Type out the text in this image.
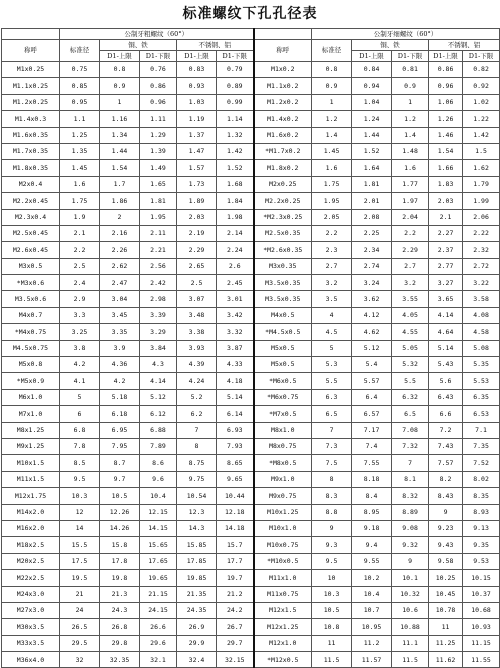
标准螺纹下孔孔径表
	公制牙粗螺纹（60°）						公制牙细螺纹（60°）				
称呼	标准径	铜、铁		不锈钢、铝		称呼	标准径	铜、铁		不锈钢、铝	
		D1-上限	D1-下限	D1-上限	D1-下限			D1-上限	D1-下限	D1-上限	D1-下限
M1x0.25	0.75	0.8	0.76	0.83	0.79	M1x0.2	0.8	0.84	0.81	0.86	0.82
M1.1x0.25	0.85	0.9	0.86	0.93	0.89	M1.1x0.2	0.9	0.94	0.9	0.96	0.92
M1.2x0.25	0.95	1	0.96	1.03	0.99	M1.2x0.2	1	1.04	1	1.06	1.02
M1.4x0.3	1.1	1.16	1.11	1.19	1.14	M1.4x0.2	1.2	1.24	1.2	1.26	1.22
M1.6x0.35	1.25	1.34	1.29	1.37	1.32	M1.6x0.2	1.4	1.44	1.4	1.46	1.42
M1.7x0.35	1.35	1.44	1.39	1.47	1.42	*M1.7x0.2	1.45	1.52	1.48	1.54	1.5
M1.8x0.35	1.45	1.54	1.49	1.57	1.52	M1.8x0.2	1.6	1.64	1.6	1.66	1.62
M2x0.4	1.6	1.7	1.65	1.73	1.68	M2x0.25	1.75	1.81	1.77	1.83	1.79
M2.2x0.45	1.75	1.86	1.81	1.89	1.84	M2.2x0.25	1.95	2.01	1.97	2.03	1.99
M2.3x0.4	1.9	2	1.95	2.03	1.98	*M2.3x0.25	2.05	2.08	2.04	2.1	2.06
M2.5x0.45	2.1	2.16	2.11	2.19	2.14	M2.5x0.35	2.2	2.25	2.2	2.27	2.22
M2.6x0.45	2.2	2.26	2.21	2.29	2.24	*M2.6x0.35	2.3	2.34	2.29	2.37	2.32
M3x0.5	2.5	2.62	2.56	2.65	2.6	M3x0.35	2.7	2.74	2.7	2.77	2.72
*M3x0.6	2.4	2.47	2.42	2.5	2.45	M3.5x0.35	3.2	3.24	3.2	3.27	3.22
M3.5x0.6	2.9	3.04	2.98	3.07	3.01	M3.5x0.35	3.5	3.62	3.55	3.65	3.58
M4x0.7	3.3	3.45	3.39	3.48	3.42	M4x0.5	4	4.12	4.05	4.14	4.08
*M4x0.75	3.25	3.35	3.29	3.38	3.32	*M4.5x0.5	4.5	4.62	4.55	4.64	4.58
M4.5x0.75	3.8	3.9	3.84	3.93	3.87	M5x0.5	5	5.12	5.05	5.14	5.08
M5x0.8	4.2	4.36	4.3	4.39	4.33	M5x0.5	5.3	5.4	5.32	5.43	5.35
*M5x0.9	4.1	4.2	4.14	4.24	4.18	*M6x0.5	5.5	5.57	5.5	5.6	5.53
M6x1.0	5	5.18	5.12	5.2	5.14	*M6x0.75	6.3	6.4	6.32	6.43	6.35
M7x1.0	6	6.18	6.12	6.2	6.14	*M7x0.5	6.5	6.57	6.5	6.6	6.53
M8x1.25	6.8	6.95	6.88	7	6.93	M8x1.0	7	7.17	7.08	7.2	7.1
M9x1.25	7.8	7.95	7.89	8	7.93	M8x0.75	7.3	7.4	7.32	7.43	7.35
M10x1.5	8.5	8.7	8.6	8.75	8.65	*M8x0.5	7.5	7.55	7	7.57	7.52
M11x1.5	9.5	9.7	9.6	9.75	9.65	M9x1.0	8	8.18	8.1	8.2	8.02
M12x1.75	10.3	10.5	10.4	10.54	10.44	M9x0.75	8.3	8.4	8.32	8.43	8.35
M14x2.0	12	12.26	12.15	12.3	12.18	M10x1.25	8.8	8.95	8.89	9	8.93
M16x2.0	14	14.26	14.15	14.3	14.18	M10x1.0	9	9.18	9.08	9.23	9.13
M18x2.5	15.5	15.8	15.65	15.85	15.7	M10x0.75	9.3	9.4	9.32	9.43	9.35
M20x2.5	17.5	17.8	17.65	17.85	17.7	*M10x0.5	9.5	9.55	9	9.58	9.53
M22x2.5	19.5	19.8	19.65	19.85	19.7	M11x1.0	10	10.2	10.1	10.25	10.15
M24x3.0	21	21.3	21.15	21.35	21.2	M11x0.75	10.3	10.4	10.32	10.45	10.37
M27x3.0	24	24.3	24.15	24.35	24.2	M12x1.5	10.5	10.7	10.6	10.78	10.68
M30x3.5	26.5	26.8	26.6	26.9	26.7	M12x1.25	10.8	10.95	10.88	11	10.93
M33x3.5	29.5	29.8	29.6	29.9	29.7	M12x1.0	11	11.2	11.1	11.25	11.15
M36x4.0	32	32.35	32.1	32.4	32.15	*M12x0.5	11.5	11.57	11.5	11.62	11.55
